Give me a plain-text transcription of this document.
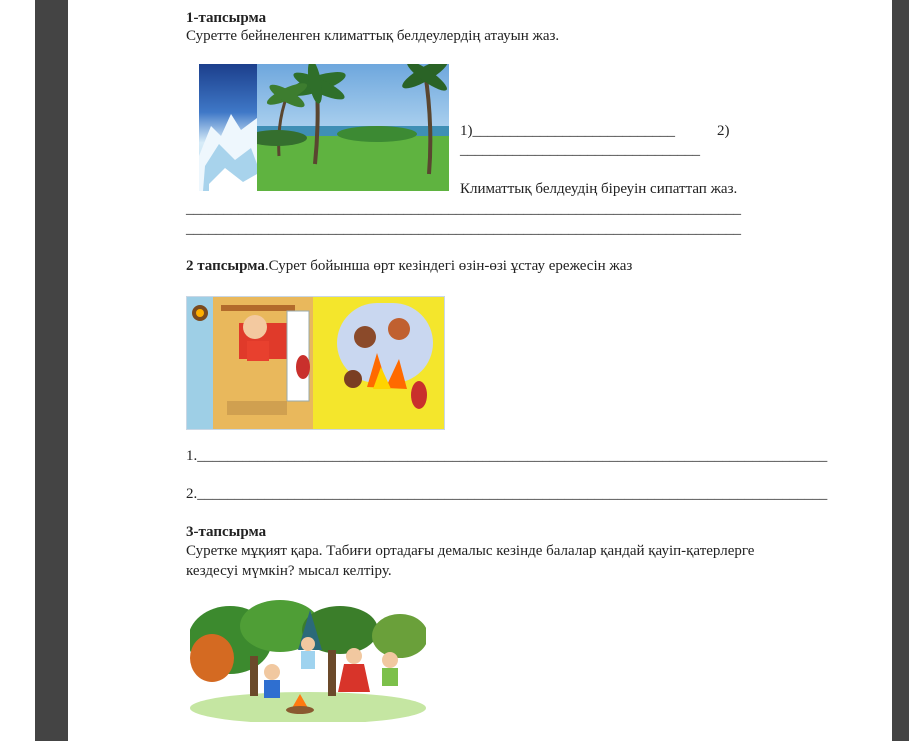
1-тапсырма
Суретте бейнеленген климаттық белдеулердің атауын жаз.
1)___________________________	2)
________________________________
Климаттық белдеудің біреуін сипаттап жаз.
__________________________________________________________________________
__________________________________________________________________________
2 тапсырма.Сурет бойынша өрт кезіндегі өзін-өзі ұстау ережесін жаз
1.____________________________________________________________________________________
2.____________________________________________________________________________________
3-тапсырма
Суретке мұқият қара. Табиғи ортадағы демалыс кезінде балалар қандай қауіп-қатерлерге
кездесуі мүмкін? мысал келтіру.
